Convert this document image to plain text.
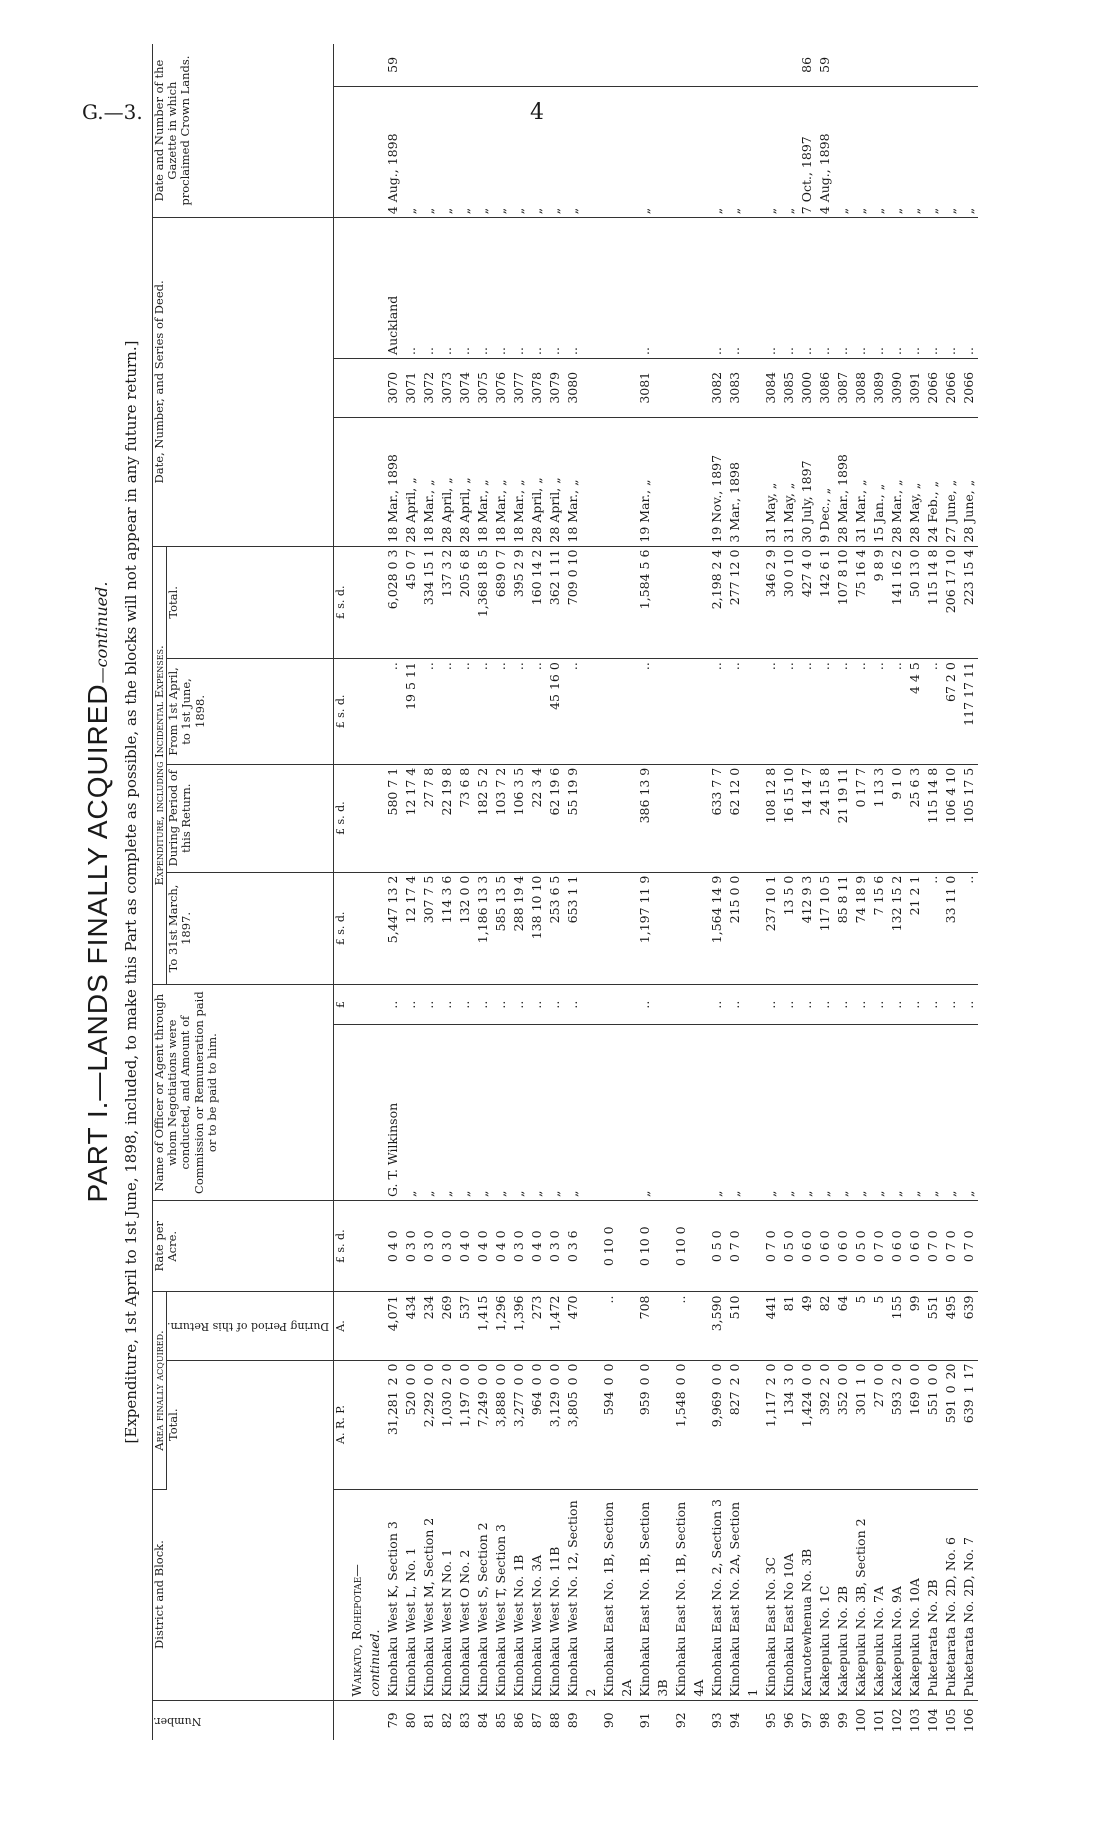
G.—3.	4
PART I.—LANDS FINALLY ACQUIRED—continued. [Expenditure, 1st April to 1st June, 1898, included, to make this Part as complete as possible, as the blocks will not appear in any future return.]
Number.	District and Block.	Area finally acquired.		Rate per Acre.	Name of Officer or Agent through whom Negotiations were conducted, and Amount of Commission or Remuneration paid or to be paid to him.		Expenditure, including Incidental Expenses.				Date, Number, and Series of Deed.			Date and Number of the Gazette in which proclaimed Crown Lands.	
		Total.	During Period of this Return.				To 31st March, 1897.	During Period of this Return.	From 1st April, to 1st June, 1898.	Total.					
		A. R. P.	A.	£ s. d.		£	£ s. d.	£ s. d.	£ s. d.	£ s. d.					
	Waikato, Rohepotae— continued.														
79	Kinohaku West K, Section 3	31,28120	4,071	0 4 0	G. T. Wilkinson	..	5,447 13 2	580 7 1	..	6,028 0 3	18 Mar., 1898	3070	Auckland	4 Aug., 1898	59
80	Kinohaku West L, No. 1	52000	434	0 3 0	„	..	12 17 4	12 17 4	19 5 11	45 0 7	28 April, „	3071	..	„	
81	Kinohaku West M, Section 2	2,29200	234	0 3 0	„	..	307 7 5	27 7 8	..	334 15 1	18 Mar., „	3072	..	„	
82	Kinohaku West N No. 1	1,03020	269	0 3 0	„	..	114 3 6	22 19 8	..	137 3 2	28 April, „	3073	..	„	
83	Kinohaku West O No. 2	1,19700	537	0 4 0	„	..	132 0 0	73 6 8	..	205 6 8	28 April, „	3074	..	„	
84	Kinohaku West S, Section 2	7,24900	1,415	0 4 0	„	..	1,186 13 3	182 5 2	..	1,368 18 5	18 Mar., „	3075	..	„	
85	Kinohaku West T, Section 3	3,88800	1,296	0 4 0	„	..	585 13 5	103 7 2	..	689 0 7	18 Mar., „	3076	..	„	
86	Kinohaku West No. 1B	3,27700	1,396	0 3 0	„	..	288 19 4	106 3 5	..	395 2 9	18 Mar., „	3077	..	„	
87	Kinohaku West No. 3A	96400	273	0 4 0	„	..	138 10 10	22 3 4	..	160 14 2	28 April, „	3078	..	„	
88	Kinohaku West No. 11B	3,12900	1,472	0 3 0	„	..	253 6 5	62 19 6	45 16 0	362 1 11	28 April, „	3079	..	„	
89	Kinohaku West No. 12, Section 2	3,80500	470	0 3 6	„	..	653 1 1	55 19 9	..	709 0 10	18 Mar., „	3080	..	„	
90	Kinohaku East No. 1B, Section 2A	59400	..	0 10 0											
91	Kinohaku East No. 1B, Section 3B	95900	708	0 10 0	„	..	1,197 11 9	386 13 9	..	1,584 5 6	19 Mar., „	3081	..	„	
92	Kinohaku East No. 1B, Section 4A	1,54800	..	0 10 0											
93	Kinohaku East No. 2, Section 3	9,96900	3,590	0 5 0	„	..	1,564 14 9	633 7 7	..	2,198 2 4	19 Nov., 1897	3082	..	„	
94	Kinohaku East No. 2A, Section 1	82720	510	0 7 0	„	..	215 0 0	62 12 0	..	277 12 0	3 Mar., 1898	3083	..	„	
95	Kinohaku East No. 3C	1,11720	441	0 7 0	„	..	237 10 1	108 12 8	..	346 2 9	31 May, „	3084	..	„	
96	Kinohaku East No 10A	13430	81	0 5 0	„	..	13 5 0	16 15 10	..	30 0 10	31 May, „	3085	..	„	
97	Karuotewhenua No. 3B	1,42400	49	0 6 0	„	..	412 9 3	14 14 7	..	427 4 0	30 July, 1897	3000	..	7 Oct., 1897	86
98	Kakepuku No. 1C	39220	82	0 6 0	„	..	117 10 5	24 15 8	..	142 6 1	9 Dec., „	3086	..	4 Aug., 1898	59
99	Kakepuku No. 2B	35200	64	0 6 0	„	..	85 8 11	21 19 11	..	107 8 10	28 Mar., 1898	3087	..	„	
100	Kakepuku No. 3B, Section 2	30110	5	0 5 0	„	..	74 18 9	0 17 7	..	75 16 4	31 Mar., „	3088	..	„	
101	Kakepuku No. 7A	2700	5	0 7 0	„	..	7 15 6	1 13 3	..	9 8 9	15 Jan., „	3089	..	„	
102	Kakepuku No. 9A	59320	155	0 6 0	„	..	132 15 2	9 1 0	..	141 16 2	28 Mar., „	3090	..	„	
103	Kakepuku No. 10A	16900	99	0 6 0	„	..	21 2 1	25 6 3	4 4 5	50 13 0	28 May, „	3091	..	„	
104	Puketarata No. 2B	55100	551	0 7 0	„	..	..	115 14 8	..	115 14 8	24 Feb., „	2066	..	„	
105	Puketarata No. 2D, No. 6	591020	495	0 7 0	„	..	33 11 0	106 4 10	67 2 0	206 17 10	27 June, „	2066	..	„	
106	Puketarata No. 2D, No. 7	639117	639	0 7 0	„	..	..	105 17 5	117 17 11	223 15 4	28 June, „	2066	..	„	
